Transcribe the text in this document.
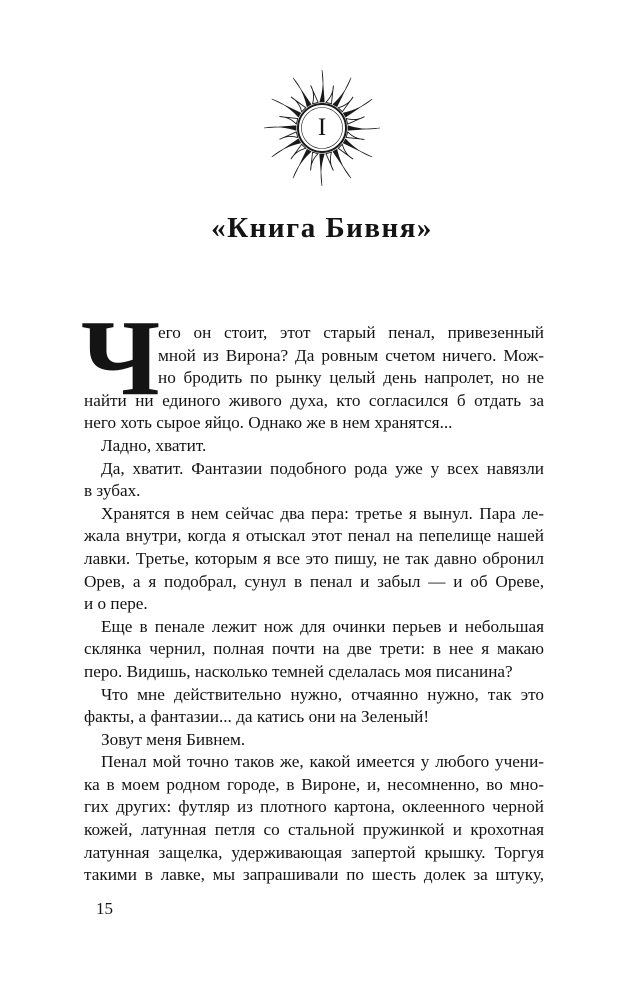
I
«Книга Бивня»
Ч
его он стоит, этот старый пенал, привезенный
мной из Вирона? Да ровным счетом ничего. Мож-
но бродить по рынку целый день напролет, но не
найти ни единого живого духа, кто согласился б отдать за
него хоть сырое яйцо. Однако же в нем хранятся...
Ладно, хватит.
Да, хватит. Фантазии подобного рода уже у всех навязли
в зубах.
Хранятся в нем сейчас два пера: третье я вынул. Пара ле-
жала внутри, когда я отыскал этот пенал на пепелище нашей
лавки. Третье, которым я все это пишу, не так давно обронил
Орев, а я подобрал, сунул в пенал и забыл — и об Ореве,
и о пере.
Еще в пенале лежит нож для очинки перьев и небольшая
склянка чернил, полная почти на две трети: в нее я макаю
перо. Видишь, насколько темней сделалась моя писанина?
Что мне действительно нужно, отчаянно нужно, так это
факты, а фантазии... да катись они на Зеленый!
Зовут меня Бивнем.
Пенал мой точно таков же, какой имеется у любого учени-
ка в моем родном городе, в Вироне, и, несомненно, во мно-
гих других: футляр из плотного картона, оклеенного черной
кожей, латунная петля со стальной пружинкой и крохотная
латунная защелка, удерживающая запертой крышку. Торгуя
такими в лавке, мы запрашивали по шесть долек за штуку,
15
